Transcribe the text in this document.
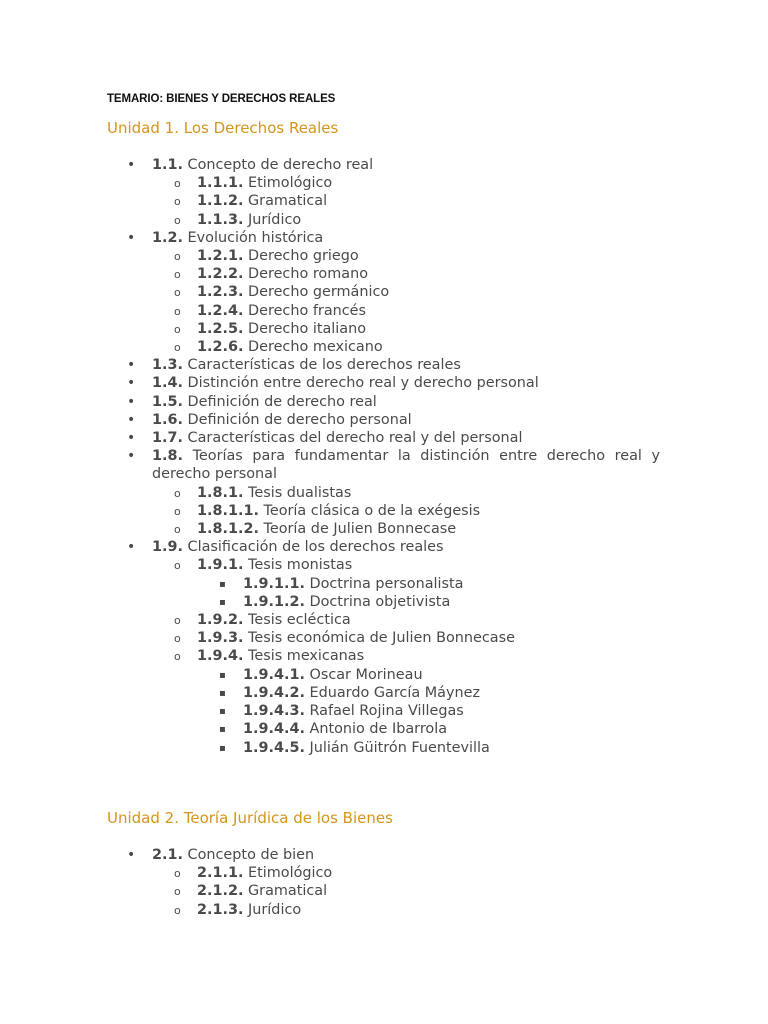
TEMARIO: BIENES Y DERECHOS REALES
Unidad 1. Los Derechos Reales
• 1.1. Concepto de derecho real
o 1.1.1. Etimológico
o 1.1.2. Gramatical
o 1.1.3. Jurídico
• 1.2. Evolución histórica
o 1.2.1. Derecho griego
o 1.2.2. Derecho romano
o 1.2.3. Derecho germánico
o 1.2.4. Derecho francés
o 1.2.5. Derecho italiano
o 1.2.6. Derecho mexicano
• 1.3. Características de los derechos reales
• 1.4. Distinción entre derecho real y derecho personal
• 1.5. Definición de derecho real
• 1.6. Definición de derecho personal
• 1.7. Características del derecho real y del personal
• 1.8. Teorías para fundamentar la distinción entre derecho real y derecho personal
o 1.8.1. Tesis dualistas
o 1.8.1.1. Teoría clásica o de la exégesis
o 1.8.1.2. Teoría de Julien Bonnecase
• 1.9. Clasificación de los derechos reales
o 1.9.1. Tesis monistas
▪ 1.9.1.1. Doctrina personalista
▪ 1.9.1.2. Doctrina objetivista
o 1.9.2. Tesis ecléctica
o 1.9.3. Tesis económica de Julien Bonnecase
o 1.9.4. Tesis mexicanas
▪ 1.9.4.1. Oscar Morineau
▪ 1.9.4.2. Eduardo García Máynez
▪ 1.9.4.3. Rafael Rojina Villegas
▪ 1.9.4.4. Antonio de Ibarrola
▪ 1.9.4.5. Julián Güitrón Fuentevilla
Unidad 2. Teoría Jurídica de los Bienes
• 2.1. Concepto de bien
o 2.1.1. Etimológico
o 2.1.2. Gramatical
o 2.1.3. Jurídico
